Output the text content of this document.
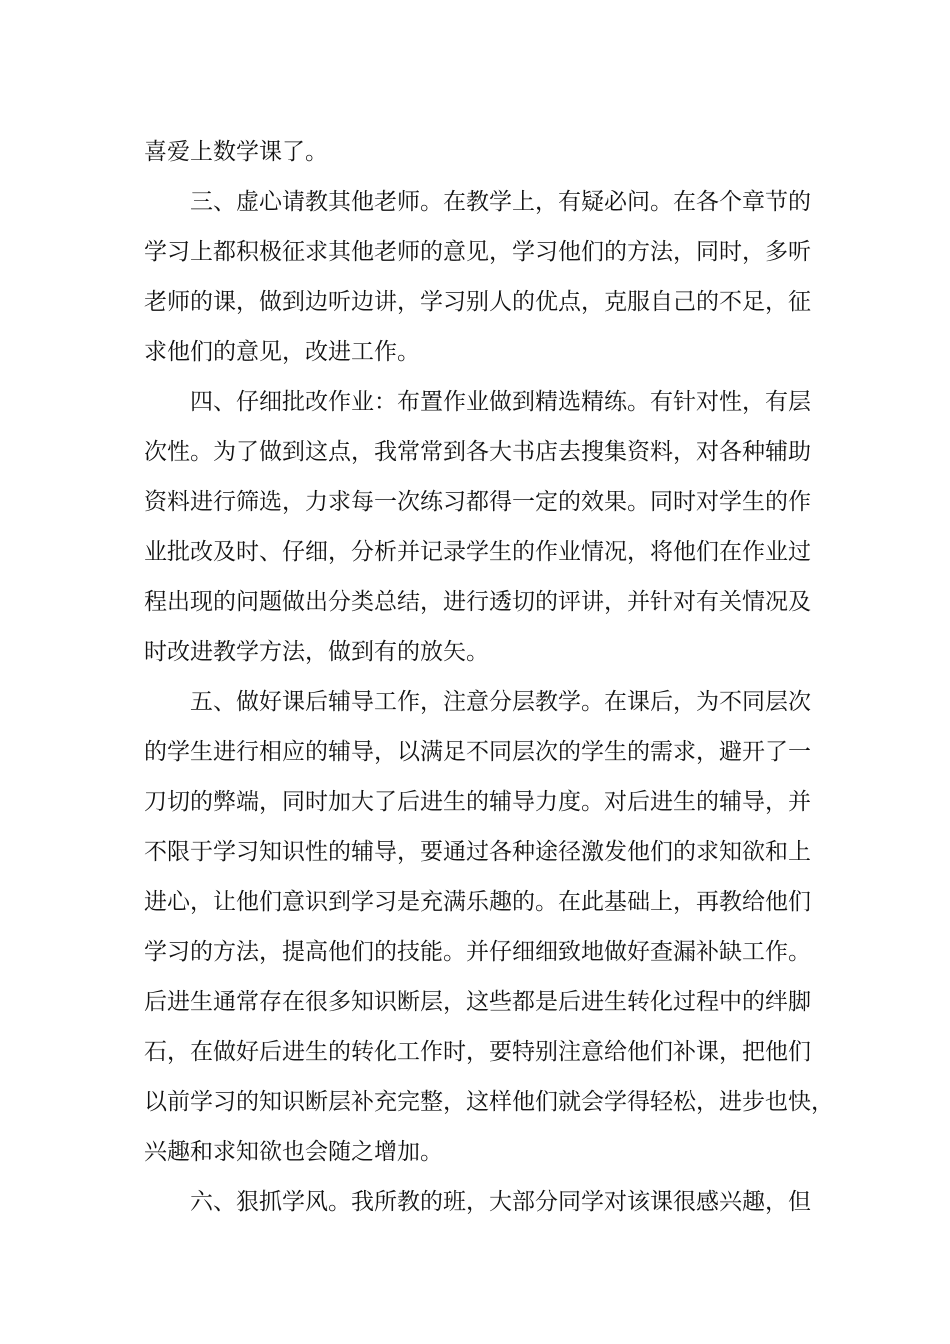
喜爱上数学课了。
三、虚心请教其他老师。在教学上，有疑必问。在各个章节的
学习上都积极征求其他老师的意见，学习他们的方法，同时，多听
老师的课，做到边听边讲，学习别人的优点，克服自己的不足，征
求他们的意见，改进工作。
四、仔细批改作业：布置作业做到精选精练。有针对性，有层
次性。为了做到这点，我常常到各大书店去搜集资料，对各种辅助
资料进行筛选，力求每一次练习都得一定的效果。同时对学生的作
业批改及时、仔细，分析并记录学生的作业情况，将他们在作业过
程出现的问题做出分类总结，进行透切的评讲，并针对有关情况及
时改进教学方法，做到有的放矢。
五、做好课后辅导工作，注意分层教学。在课后，为不同层次
的学生进行相应的辅导，以满足不同层次的学生的需求，避开了一
刀切的弊端，同时加大了后进生的辅导力度。对后进生的辅导，并
不限于学习知识性的辅导，要通过各种途径激发他们的求知欲和上
进心，让他们意识到学习是充满乐趣的。在此基础上，再教给他们
学习的方法，提高他们的技能。并仔细细致地做好查漏补缺工作。
后进生通常存在很多知识断层，这些都是后进生转化过程中的绊脚
石，在做好后进生的转化工作时，要特别注意给他们补课，把他们
以前学习的知识断层补充完整，这样他们就会学得轻松，进步也快，
兴趣和求知欲也会随之增加。
六、狠抓学风。我所教的班，大部分同学对该课很感兴趣，但
